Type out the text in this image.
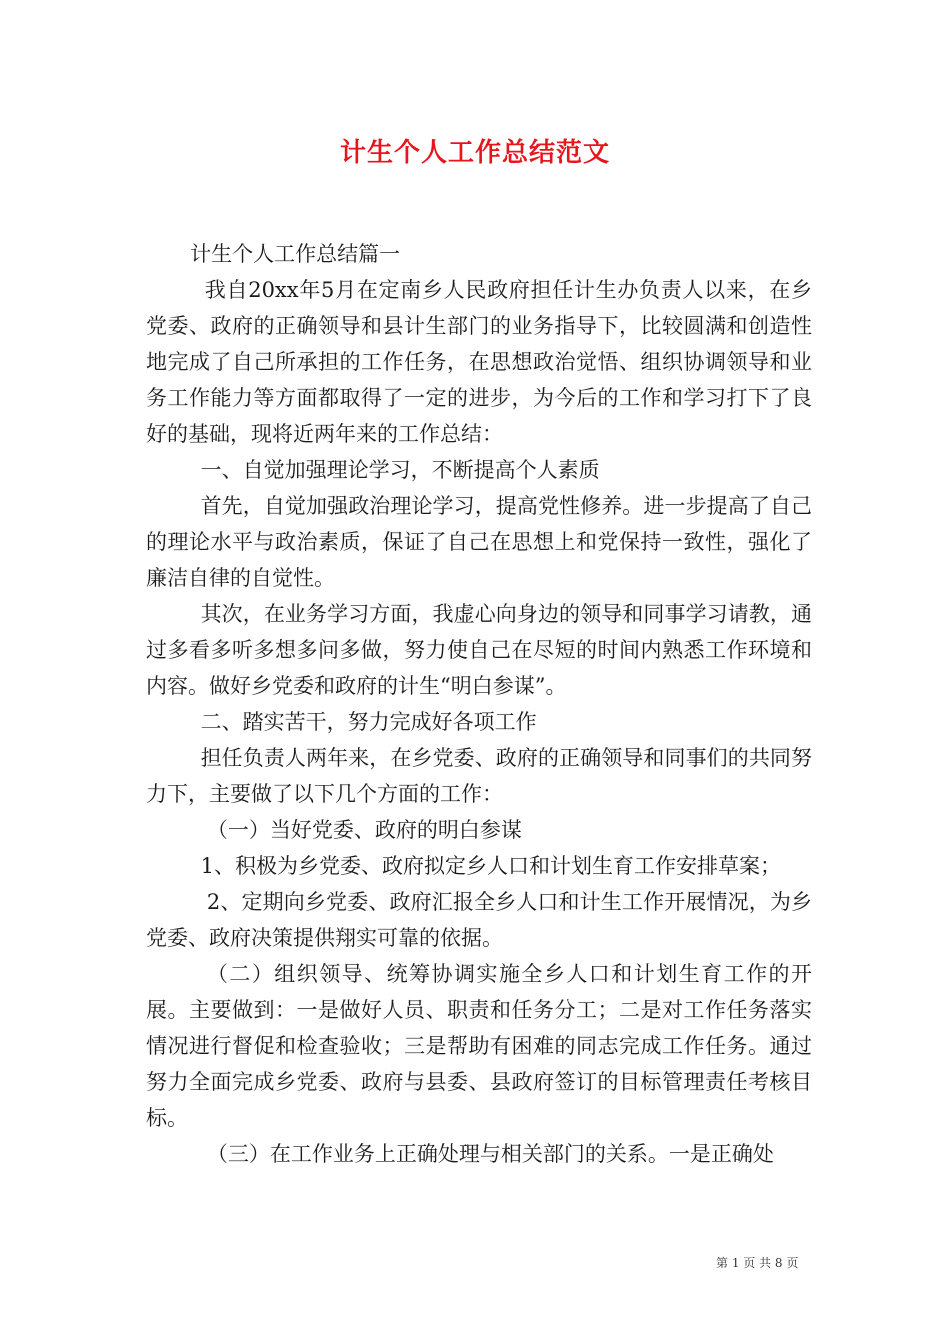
计生个人工作总结范文

计生个人工作总结篇一

我自20xx年5月在定南乡人民政府担任计生办负责人以来，在乡党委、政府的正确领导和县计生部门的业务指导下，比较圆满和创造性地完成了自己所承担的工作任务，在思想政治觉悟、组织协调领导和业务工作能力等方面都取得了一定的进步，为今后的工作和学习打下了良好的基础，现将近两年来的工作总结：

一、自觉加强理论学习，不断提高个人素质

首先，自觉加强政治理论学习，提高党性修养。进一步提高了自己的理论水平与政治素质，保证了自己在思想上和党保持一致性，强化了廉洁自律的自觉性。

其次，在业务学习方面，我虚心向身边的领导和同事学习请教，通过多看多听多想多问多做，努力使自己在尽短的时间内熟悉工作环境和内容。做好乡党委和政府的计生“明白参谋”。

二、踏实苦干，努力完成好各项工作

担任负责人两年来，在乡党委、政府的正确领导和同事们的共同努力下，主要做了以下几个方面的工作：

（一）当好党委、政府的明白参谋

1、积极为乡党委、政府拟定乡人口和计划生育工作安排草案；

2、定期向乡党委、政府汇报全乡人口和计生工作开展情况，为乡党委、政府决策提供翔实可靠的依据。

（二）组织领导、统筹协调实施全乡人口和计划生育工作的开展。主要做到：一是做好人员、职责和任务分工；二是对工作任务落实情况进行督促和检查验收；三是帮助有困难的同志完成工作任务。通过努力全面完成乡党委、政府与县委、县政府签订的目标管理责任考核目标。

（三）在工作业务上正确处理与相关部门的关系。一是正确处

第 1 页 共 8 页
